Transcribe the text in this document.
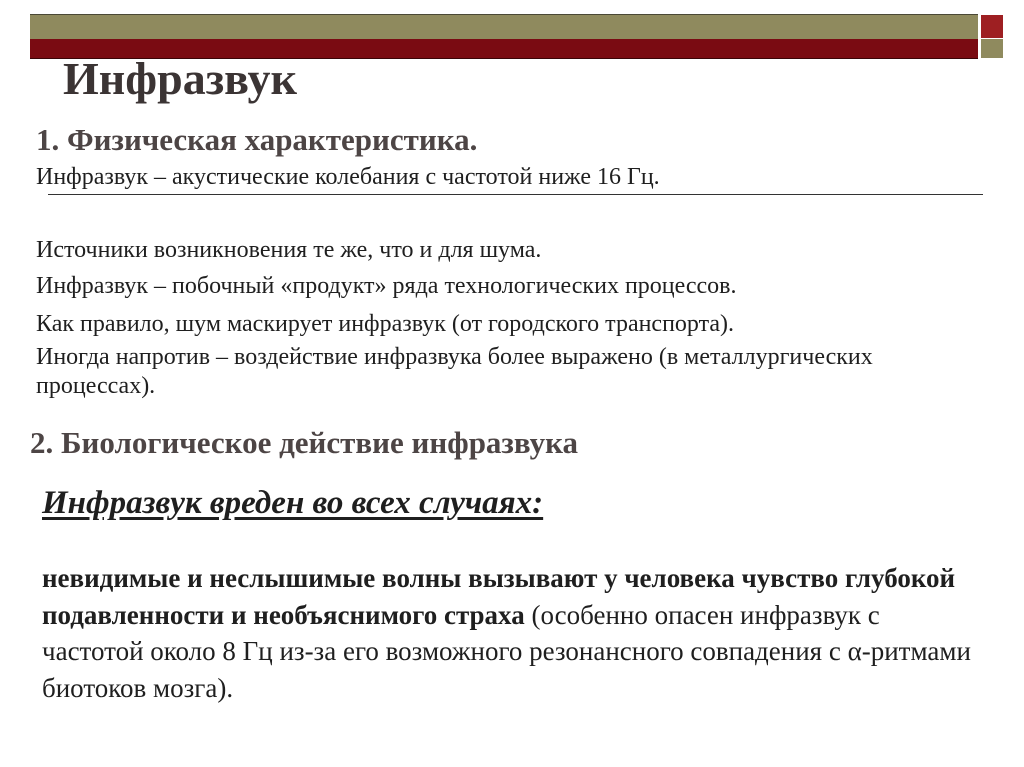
Инфразвук
1. Физическая характеристика.

Инфразвук – акустические колебания с частотой ниже 16 Гц.

Источники возникновения те же, что и для шума.

Инфразвук – побочный «продукт» ряда технологических процессов.

Как правило, шум маскирует инфразвук (от городского транспорта).

Иногда напротив – воздействие инфразвука более выражено (в металлургических процессах).

2. Биологическое действие инфразвука

Инфразвук вреден во всех случаях:

невидимые и неслышимые волны вызывают у человека чувство глубокой подавленности и необъяснимого страха (особенно опасен инфразвук с частотой около 8 Гц из-за его возможного резонансного совпадения с α-ритмами биотоков мозга).
